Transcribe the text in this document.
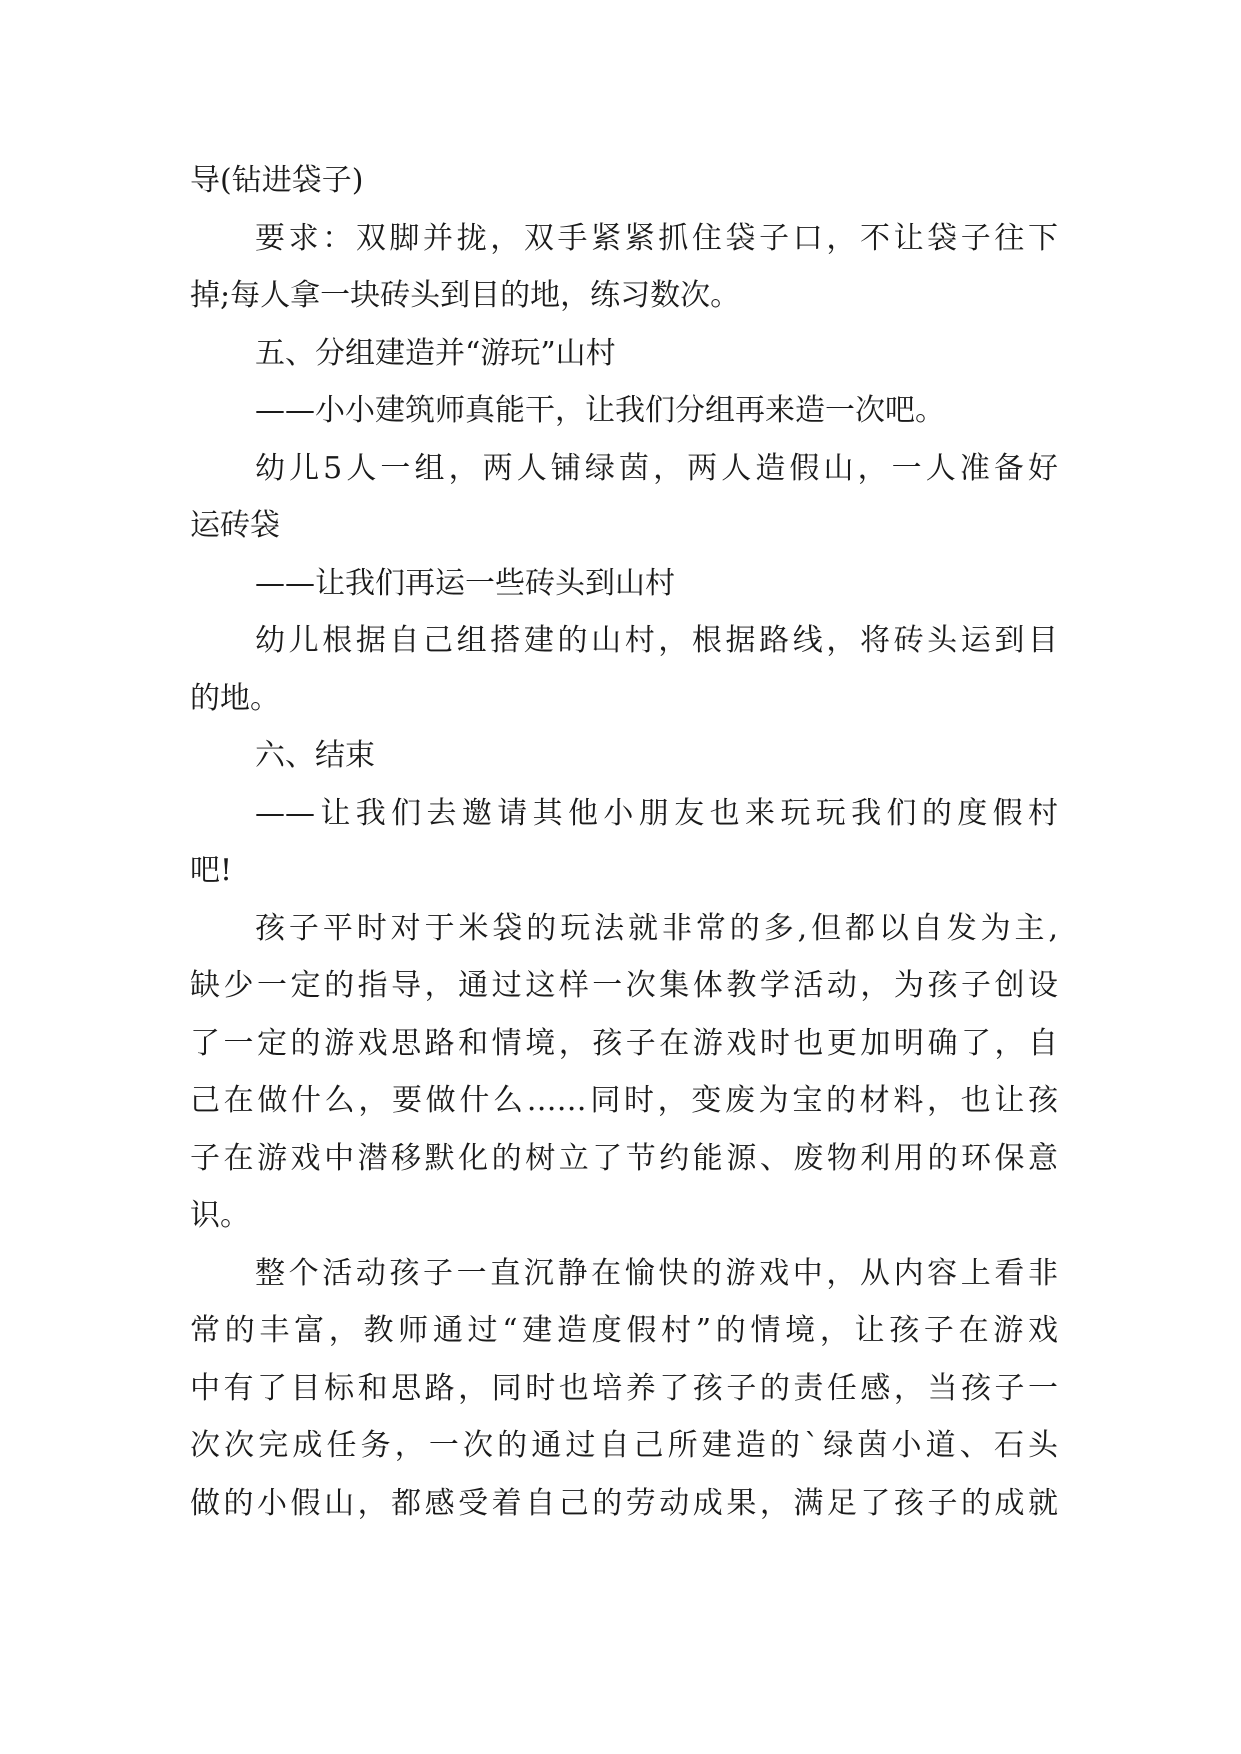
导(钻进袋子)
要求：双脚并拢，双手紧紧抓住袋子口，不让袋子往下
掉;每人拿一块砖头到目的地，练习数次。
五、分组建造并“游玩”山村
——小小建筑师真能干，让我们分组再来造一次吧。
幼儿5人一组，两人铺绿茵，两人造假山，一人准备好
运砖袋
——让我们再运一些砖头到山村
幼儿根据自己组搭建的山村，根据路线，将砖头运到目
的地。
六、结束
——让我们去邀请其他小朋友也来玩玩我们的度假村
吧!
孩子平时对于米袋的玩法就非常的多,但都以自发为主,
缺少一定的指导，通过这样一次集体教学活动，为孩子创设
了一定的游戏思路和情境，孩子在游戏时也更加明确了，自
己在做什么，要做什么……同时，变废为宝的材料，也让孩
子在游戏中潜移默化的树立了节约能源、废物利用的环保意
识。
整个活动孩子一直沉静在愉快的游戏中，从内容上看非
常的丰富，教师通过“建造度假村”的情境，让孩子在游戏
中有了目标和思路，同时也培养了孩子的责任感，当孩子一
次次完成任务，一次的通过自己所建造的`绿茵小道、石头
做的小假山，都感受着自己的劳动成果，满足了孩子的成就
